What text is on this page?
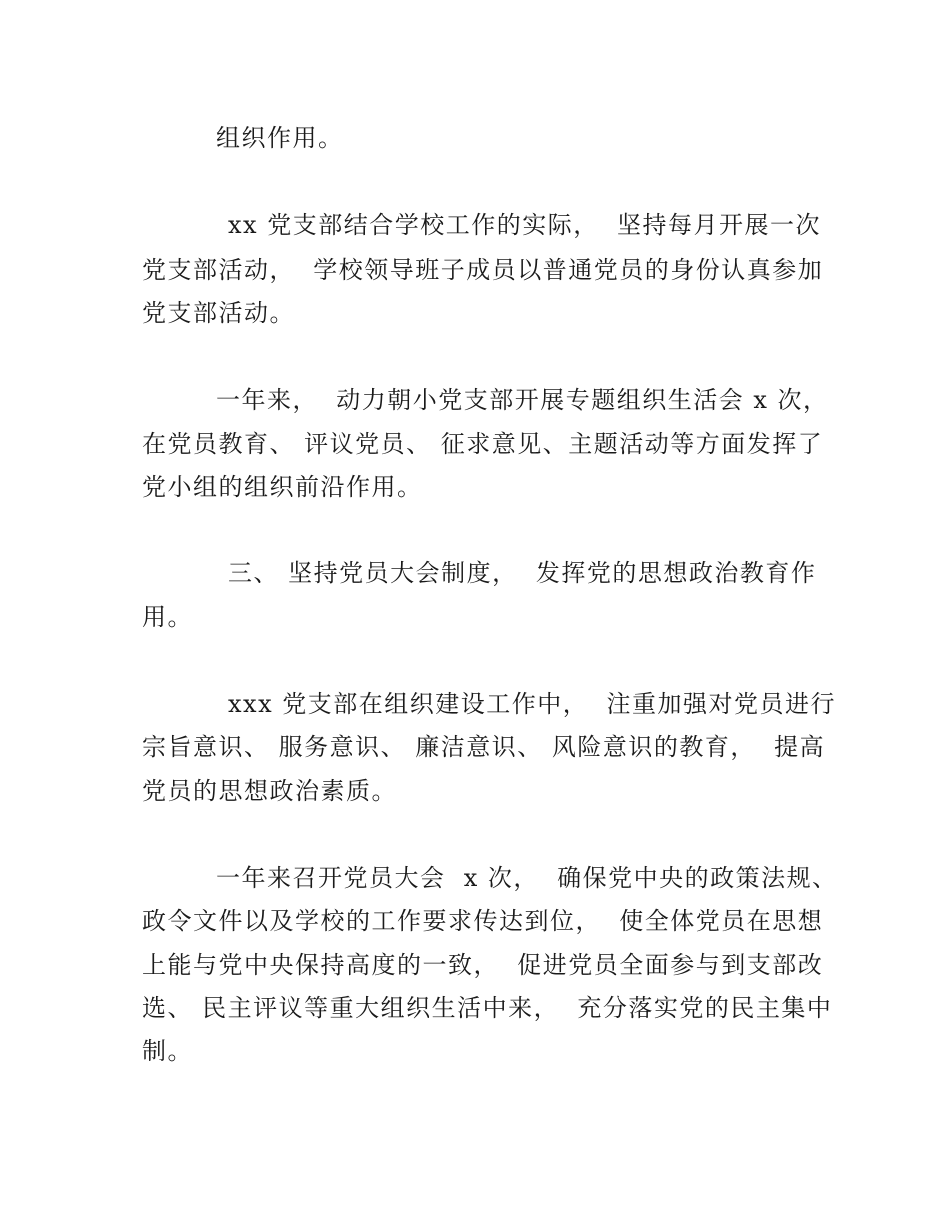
组织作用。
xx 党支部结合学校工作的实际，  坚持每月开展一次
党支部活动，  学校领导班子成员以普通党员的身份认真参加
党支部活动。
一年来，  动力朝小党支部开展专题组织生活会 x 次，
在党员教育、 评议党员、 征求意见、主题活动等方面发挥了
党小组的组织前沿作用。
三、 坚持党员大会制度，  发挥党的思想政治教育作
用。
xxx 党支部在组织建设工作中，  注重加强对党员进行
宗旨意识、 服务意识、 廉洁意识、 风险意识的教育，  提高
党员的思想政治素质。
一年来召开党员大会  x 次，  确保党中央的政策法规、
政令文件以及学校的工作要求传达到位，  使全体党员在思想
上能与党中央保持高度的一致，  促进党员全面参与到支部改
选、 民主评议等重大组织生活中来，  充分落实党的民主集中
制。
